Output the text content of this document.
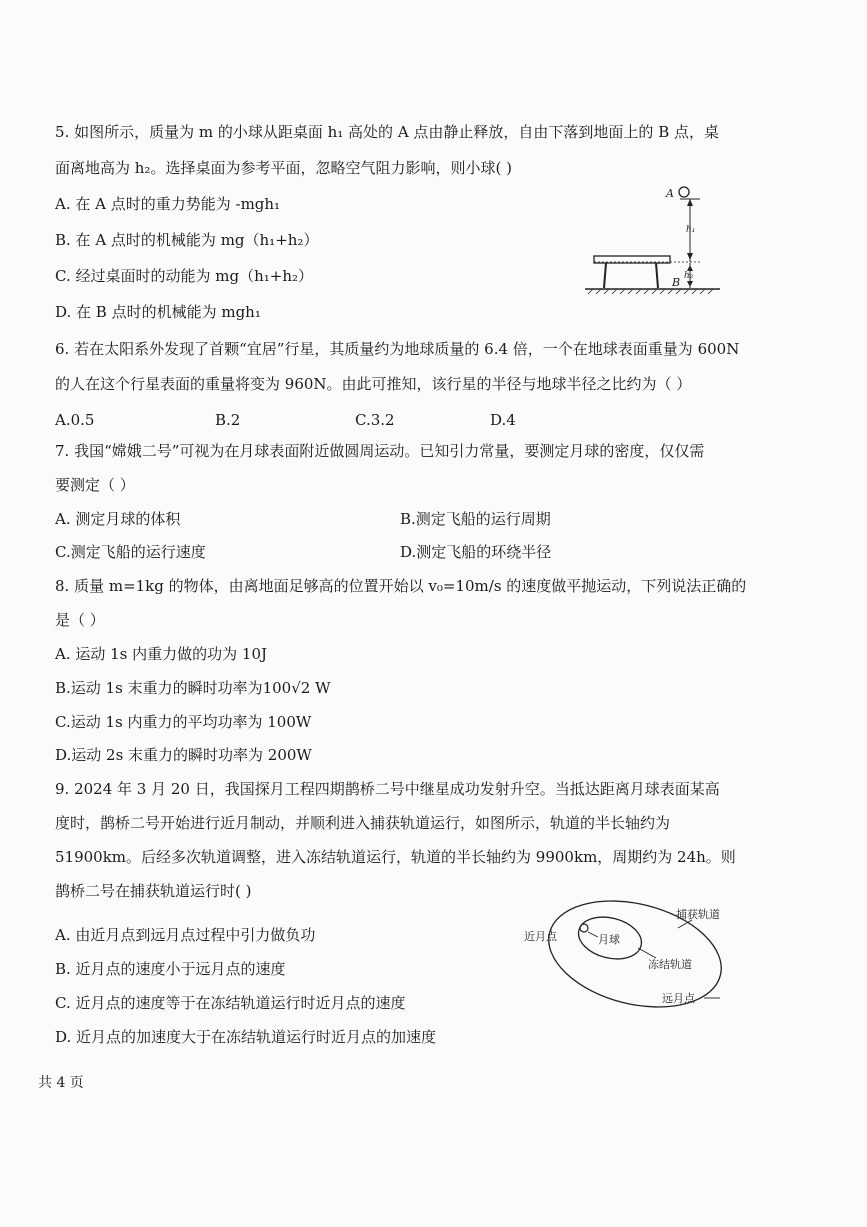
5. 如图所示，质量为 m 的小球从距桌面 h₁ 高处的 A 点由静止释放，自由下落到地面上的 B 点，桌
面离地高为 h₂。选择桌面为参考平面，忽略空气阻力影响，则小球( )
A. 在 A 点时的重力势能为 -mgh₁
B. 在 A 点时的机械能为 mg（h₁+h₂）
C. 经过桌面时的动能为 mg（h₁+h₂）
D. 在 B 点时的机械能为 mgh₁
A
h₁
h₂
B
6. 若在太阳系外发现了首颗“宜居”行星，其质量约为地球质量的 6.4 倍，一个在地球表面重量为 600N
的人在这个行星表面的重量将变为 960N。由此可推知，该行星的半径与地球半径之比约为（ ）
A.0.5	B.2	C.3.2	D.4
7. 我国“嫦娥二号”可视为在月球表面附近做圆周运动。已知引力常量，要测定月球的密度，仅仅需
要测定（ ）
A. 测定月球的体积	B.测定飞船的运行周期
C.测定飞船的运行速度	D.测定飞船的环绕半径
8. 质量 m=1kg 的物体，由离地面足够高的位置开始以 v₀=10m/s 的速度做平抛运动，下列说法正确的
是（ ）
A. 运动 1s 内重力做的功为 10J
B.运动 1s 末重力的瞬时功率为100√2 W
C.运动 1s 内重力的平均功率为 100W
D.运动 2s 末重力的瞬时功率为 200W
9. 2024 年 3 月 20 日，我国探月工程四期鹊桥二号中继星成功发射升空。当抵达距离月球表面某高
度时，鹊桥二号开始进行近月制动，并顺利进入捕获轨道运行，如图所示，轨道的半长轴约为
51900km。后经多次轨道调整，进入冻结轨道运行，轨道的半长轴约为 9900km，周期约为 24h。则
鹊桥二号在捕获轨道运行时( )
A. 由近月点到远月点过程中引力做负功
B. 近月点的速度小于远月点的速度
C. 近月点的速度等于在冻结轨道运行时近月点的速度
D. 近月点的加速度大于在冻结轨道运行时近月点的加速度
近月点	月球
捕获轨道
冻结轨道
远月点
共 4 页
